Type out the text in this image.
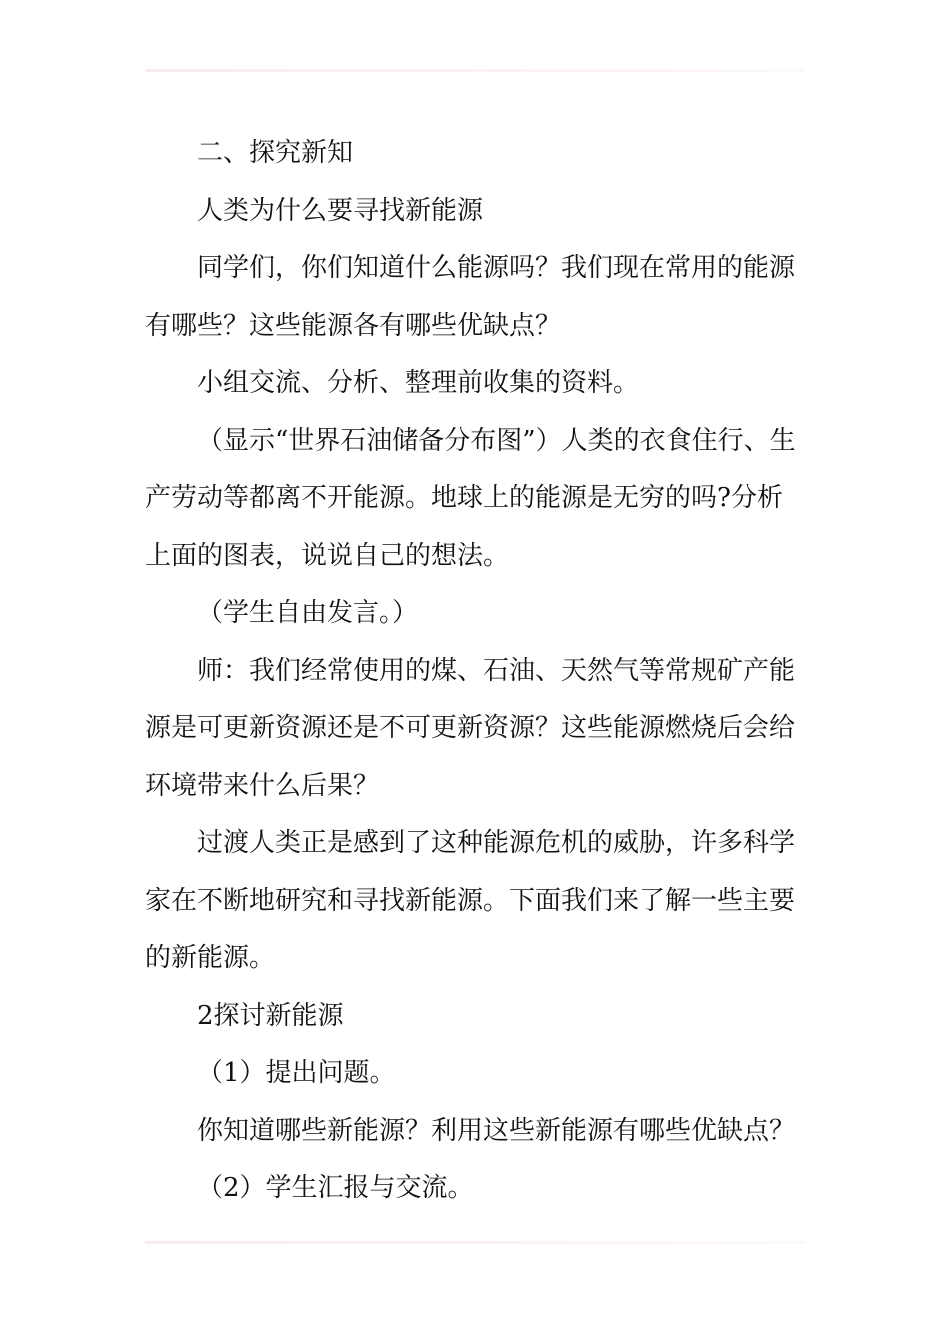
二、探究新知

人类为什么要寻找新能源

同学们，你们知道什么能源吗？我们现在常用的能源有哪些？这些能源各有哪些优缺点？

小组交流、分析、整理前收集的资料。

（显示“世界石油储备分布图”）人类的衣食住行、生产劳动等都离不开能源。地球上的能源是无穷的吗?分析上面的图表，说说自己的想法。

（学生自由发言。）

师：我们经常使用的煤、石油、天然气等常规矿产能源是可更新资源还是不可更新资源？这些能源燃烧后会给环境带来什么后果？

过渡人类正是感到了这种能源危机的威胁，许多科学家在不断地研究和寻找新能源。下面我们来了解一些主要的新能源。

2探讨新能源

（1）提出问题。

你知道哪些新能源？利用这些新能源有哪些优缺点？

（2）学生汇报与交流。
